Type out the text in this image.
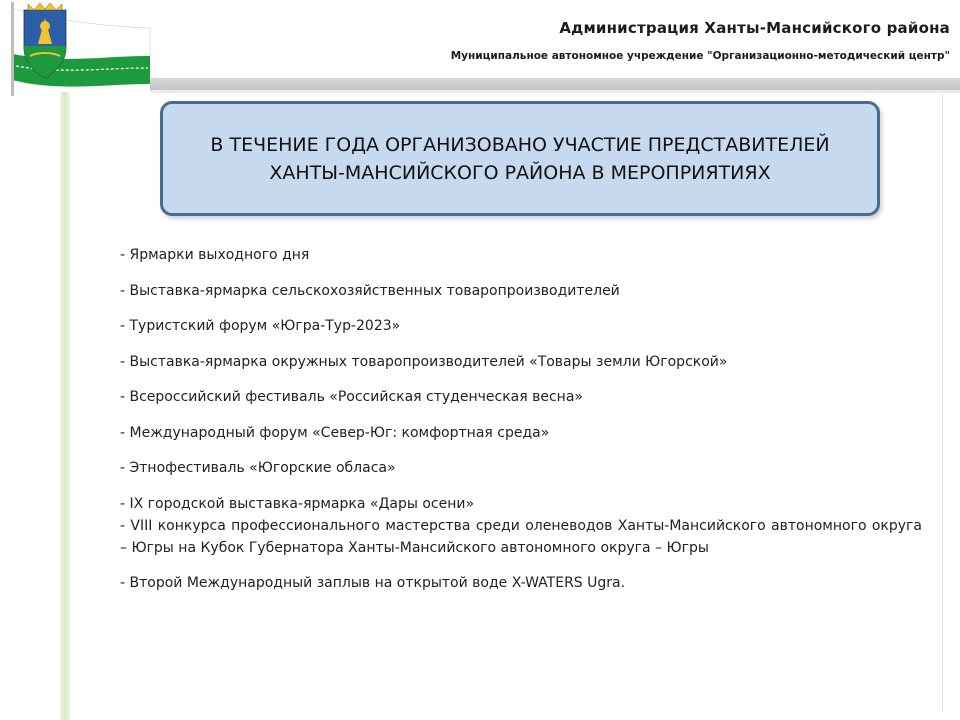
Администрация Ханты-Мансийского района
Муниципальное автономное учреждение "Организационно-методический центр"
В ТЕЧЕНИЕ ГОДА ОРГАНИЗОВАНО УЧАСТИЕ ПРЕДСТАВИТЕЛЕЙ ХАНТЫ-МАНСИЙСКОГО РАЙОНА В МЕРОПРИЯТИЯХ
- Ярмарки выходного дня
- Выставка-ярмарка сельскохозяйственных товаропроизводителей
- Туристский форум «Югра-Тур-2023»
- Выставка-ярмарка окружных товаропроизводителей «Товары земли Югорской»
- Всероссийский фестиваль «Российская студенческая весна»
- Международный форум «Север-Юг: комфортная среда»
- Этнофестиваль «Югорские обласа»
- IX городской выставка-ярмарка «Дары осени»
- VIII конкурса профессионального мастерства среди оленеводов Ханты-Мансийского автономного округа – Югры на Кубок Губернатора Ханты-Мансийского автономного округа – Югры
- Второй Международный заплыв на открытой воде X-WATERS Ugra.
